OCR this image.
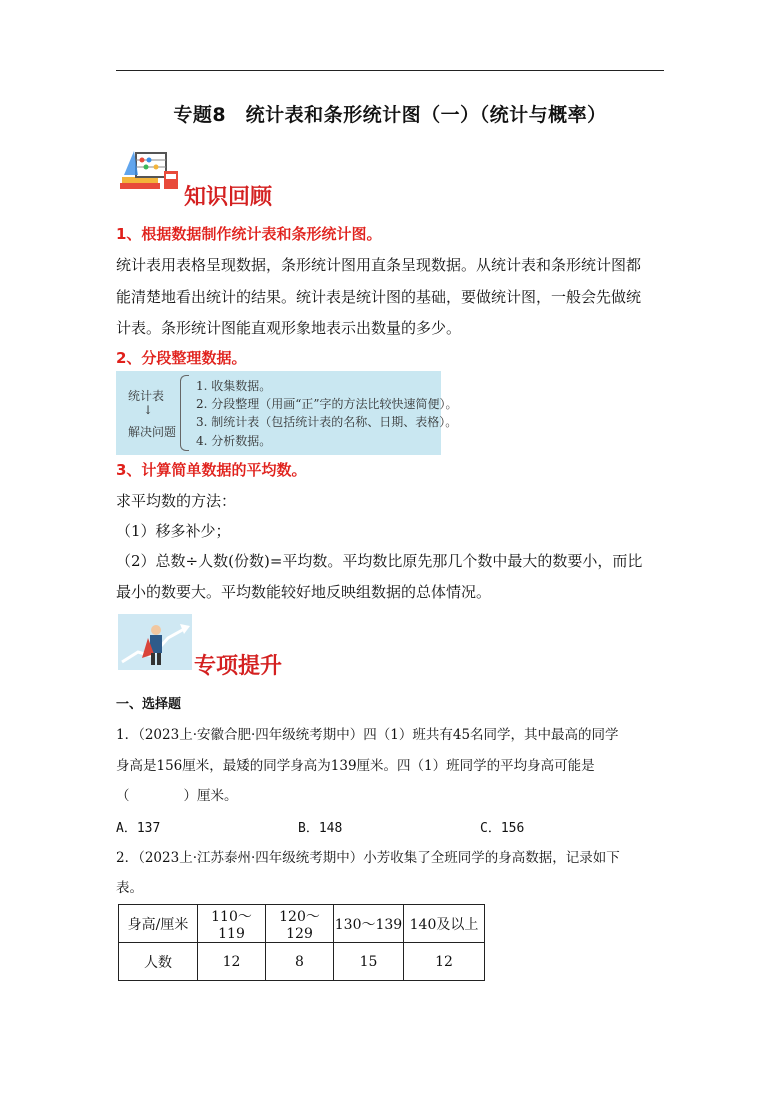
专题8　统计表和条形统计图（一）（统计与概率）
知识回顾
1、根据数据制作统计表和条形统计图。
统计表用表格呈现数据，条形统计图用直条呈现数据。从统计表和条形统计图都
能清楚地看出统计的结果。统计表是统计图的基础，要做统计图，一般会先做统
计表。条形统计图能直观形象地表示出数量的多少。
2、分段整理数据。
统计表
↓
解决问题
1. 收集数据。
2. 分段整理（用画“正”字的方法比较快速简便）。
3. 制统计表（包括统计表的名称、日期、表格）。
4. 分析数据。
3、计算简单数据的平均数。
求平均数的方法：
（1）移多补少；
（2）总数÷人数(份数)=平均数。平均数比原先那几个数中最大的数要小，而比
最小的数要大。平均数能较好地反映组数据的总体情况。
专项提升
一、选择题
1．（2023上·安徽合肥·四年级统考期中）四（1）班共有45名同学，其中最高的同学
身高是156厘米，最矮的同学身高为139厘米。四（1）班同学的平均身高可能是
（　　　　）厘米。
A．137	B．148	C．156
2．（2023上·江苏泰州·四年级统考期中）小芳收集了全班同学的身高数据，记录如下
表。
身高/厘米	110～119	120～129	130～139	140及以上
人数	12	8	15	12
